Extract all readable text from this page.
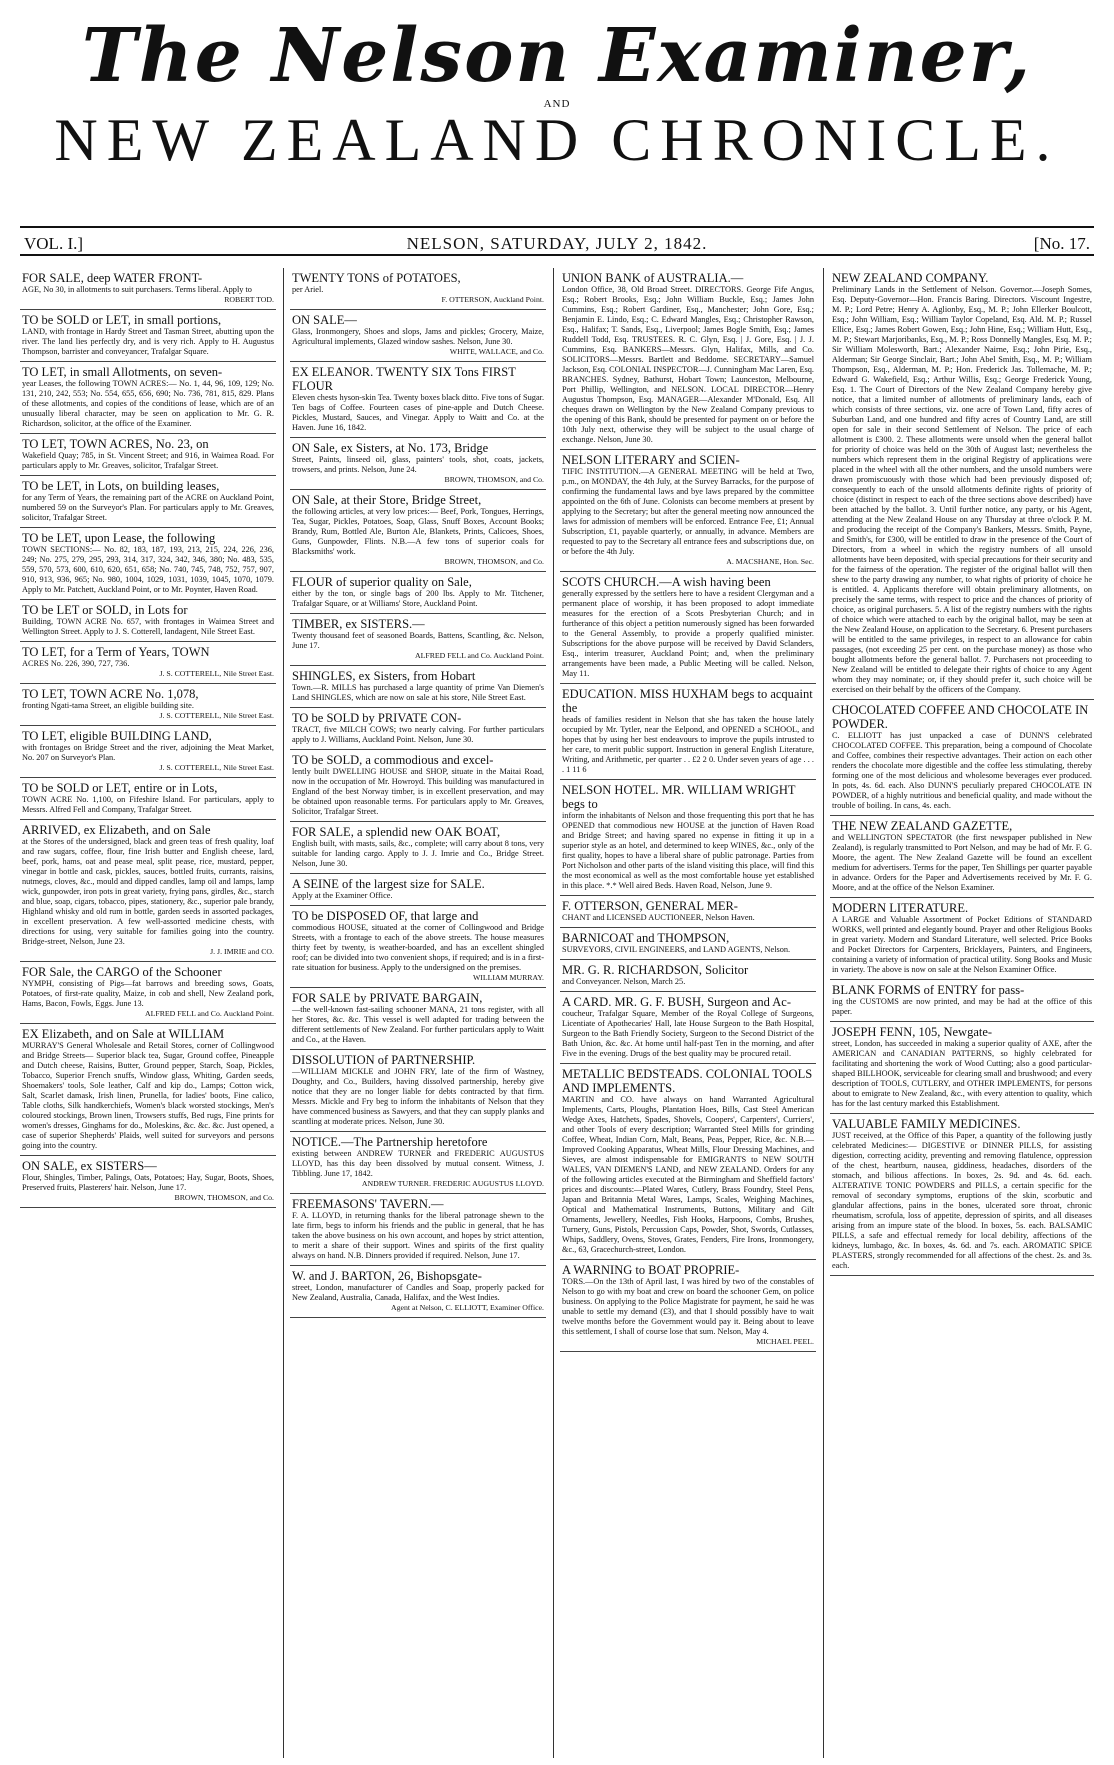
The Nelson Examiner,
AND
NEW ZEALAND CHRONICLE.
VOL. I.]	NELSON, SATURDAY, JULY 2, 1842.	[No. 17.
FOR SALE, deep WATER FRONT-
AGE, No 30, in allotments to suit purchasers. Terms liberal. Apply to
ROBERT TOD.
TO be SOLD or LET, in small portions,
LAND, with frontage in Hardy Street and Tasman Street, abutting upon the river. The land lies perfectly dry, and is very rich. Apply to H. Augustus Thompson, barrister and conveyancer, Trafalgar Square.
TO LET, in small Allotments, on seven-
year Leases, the following TOWN ACRES:— No. 1, 44, 96, 109, 129; No. 131, 210, 242, 553; No. 554, 655, 656, 690; No. 736, 781, 815, 829. Plans of these allotments, and copies of the conditions of lease, which are of an unusually liberal character, may be seen on application to Mr. G. R. Richardson, solicitor, at the office of the Examiner.
TO LET, TOWN ACRES, No. 23, on
Wakefield Quay; 785, in St. Vincent Street; and 916, in Waimea Road. For particulars apply to Mr. Greaves, solicitor, Trafalgar Street.
TO be LET, in Lots, on building leases,
for any Term of Years, the remaining part of the ACRE on Auckland Point, numbered 59 on the Surveyor's Plan. For particulars apply to Mr. Greaves, solicitor, Trafalgar Street.
TO be LET, upon Lease, the following
TOWN SECTIONS:— No. 82, 183, 187, 193, 213, 215, 224, 226, 236, 249; No. 275, 279, 295, 293, 314, 317, 324, 342, 346, 380; No. 483, 535, 559, 570, 573, 600, 610, 620, 651, 658; No. 740, 745, 748, 752, 757, 907, 910, 913, 936, 965; No. 980, 1004, 1029, 1031, 1039, 1045, 1070, 1079. Apply to Mr. Patchett, Auckland Point, or to Mr. Poynter, Haven Road.
TO be LET or SOLD, in Lots for
Building, TOWN ACRE No. 657, with frontages in Waimea Street and Wellington Street. Apply to J. S. Cotterell, landagent, Nile Street East.
TO LET, for a Term of Years, TOWN
ACRES No. 226, 390, 727, 736.
J. S. COTTERELL, Nile Street East.
TO LET, TOWN ACRE No. 1,078,
fronting Ngati-tama Street, an eligible building site.
J. S. COTTERELL, Nile Street East.
TO LET, eligible BUILDING LAND,
with frontages on Bridge Street and the river, adjoining the Meat Market, No. 207 on Surveyor's Plan.
J. S. COTTERELL, Nile Street East.
TO be SOLD or LET, entire or in Lots,
TOWN ACRE No. 1,100, on Fifeshire Island. For particulars, apply to Messrs. Alfred Fell and Company, Trafalgar Street.
ARRIVED, ex Elizabeth, and on Sale
at the Stores of the undersigned, black and green teas of fresh quality, loaf and raw sugars, coffee, flour, fine Irish butter and English cheese, lard, beef, pork, hams, oat and pease meal, split pease, rice, mustard, pepper, vinegar in bottle and cask, pickles, sauces, bottled fruits, currants, raisins, nutmegs, cloves, &c., mould and dipped candles, lamp oil and lamps, lamp wick, gunpowder, iron pots in great variety, frying pans, girdles, &c., starch and blue, soap, cigars, tobacco, pipes, stationery, &c., superior pale brandy, Highland whisky and old rum in bottle, garden seeds in assorted packages, in excellent preservation. A few well-assorted medicine chests, with directions for using, very suitable for families going into the country. Bridge-street, Nelson, June 23.
J. J. IMRIE and CO.
FOR Sale, the CARGO of the Schooner
NYMPH, consisting of Pigs—fat barrows and breeding sows, Goats, Potatoes, of first-rate quality, Maize, in cob and shell, New Zealand pork, Hams, Bacon, Fowls, Eggs. June 13.
ALFRED FELL and Co. Auckland Point.
EX Elizabeth, and on Sale at WILLIAM
MURRAY'S General Wholesale and Retail Stores, corner of Collingwood and Bridge Streets— Superior black tea, Sugar, Ground coffee, Pineapple and Dutch cheese, Raisins, Butter, Ground pepper, Starch, Soap, Pickles, Tobacco, Superior French snuffs, Window glass, Whiting, Garden seeds, Shoemakers' tools, Sole leather, Calf and kip do., Lamps; Cotton wick, Salt, Scarlet damask, Irish linen, Prunella, for ladies' boots, Fine calico, Table cloths, Silk handkerchiefs, Women's black worsted stockings, Men's coloured stockings, Brown linen, Trowsers stuffs, Bed rugs, Fine prints for women's dresses, Ginghams for do., Moleskins, &c. &c. &c. Just opened, a case of superior Shepherds' Plaids, well suited for surveyors and persons going into the country.
ON SALE, ex SISTERS—
Flour, Shingles, Timber, Palings, Oats, Potatoes; Hay, Sugar, Boots, Shoes, Preserved fruits, Plasterers' hair. Nelson, June 17.
BROWN, THOMSON, and Co.
TWENTY TONS of POTATOES,
per Ariel.
F. OTTERSON, Auckland Point.
ON SALE—
Glass, Ironmongery, Shoes and slops, Jams and pickles; Grocery, Maize, Agricultural implements, Glazed window sashes. Nelson, June 30.
WHITE, WALLACE, and Co.
EX ELEANOR. TWENTY SIX Tons FIRST FLOUR
Eleven chests hyson-skin Tea. Twenty boxes black ditto. Five tons of Sugar. Ten bags of Coffee. Fourteen cases of pine-apple and Dutch Cheese. Pickles, Mustard, Sauces, and Vinegar. Apply to Waitt and Co. at the Haven. June 16, 1842.
ON Sale, ex Sisters, at No. 173, Bridge
Street, Paints, linseed oil, glass, painters' tools, shot, coats, jackets, trowsers, and prints. Nelson, June 24.
BROWN, THOMSON, and Co.
ON Sale, at their Store, Bridge Street,
the following articles, at very low prices:— Beef, Pork, Tongues, Herrings, Tea, Sugar, Pickles, Potatoes, Soap, Glass, Snuff Boxes, Account Books; Brandy, Rum, Bottled Ale, Burton Ale, Blankets, Prints, Calicoes, Shoes, Guns, Gunpowder, Flints. N.B.—A few tons of superior coals for Blacksmiths' work.
BROWN, THOMSON, and Co.
FLOUR of superior quality on Sale,
either by the ton, or single bags of 200 lbs. Apply to Mr. Titchener, Trafalgar Square, or at Williams' Store, Auckland Point.
TIMBER, ex SISTERS.—
Twenty thousand feet of seasoned Boards, Battens, Scantling, &c. Nelson, June 17.
ALFRED FELL and Co. Auckland Point.
SHINGLES, ex Sisters, from Hobart
Town.—R. MILLS has purchased a large quantity of prime Van Diemen's Land SHINGLES, which are now on sale at his store, Nile Street East.
TO be SOLD by PRIVATE CON-
TRACT, five MILCH COWS; two nearly calving. For further particulars apply to J. Williams, Auckland Point. Nelson, June 30.
TO be SOLD, a commodious and excel-
lently built DWELLING HOUSE and SHOP, situate in the Maitai Road, now in the occupation of Mr. Howroyd. This building was manufactured in England of the best Norway timber, is in excellent preservation, and may be obtained upon reasonable terms. For particulars apply to Mr. Greaves, Solicitor, Trafalgar Street.
FOR SALE, a splendid new OAK BOAT,
English built, with masts, sails, &c., complete; will carry about 8 tons, very suitable for landing cargo. Apply to J. J. Imrie and Co., Bridge Street. Nelson, June 30.
A SEINE of the largest size for SALE.
Apply at the Examiner Office.
TO be DISPOSED OF, that large and
commodious HOUSE, situated at the corner of Collingwood and Bridge Streets, with a frontage to each of the above streets. The house measures thirty feet by twenty, is weather-boarded, and has an excellent shingled roof; can be divided into two convenient shops, if required; and is in a first-rate situation for business. Apply to the undersigned on the premises.
WILLIAM MURRAY.
FOR SALE by PRIVATE BARGAIN,
—the well-known fast-sailing schooner MANA, 21 tons register, with all her Stores, &c. &c. This vessel is well adapted for trading between the different settlements of New Zealand. For further particulars apply to Waitt and Co., at the Haven.
DISSOLUTION of PARTNERSHIP.
—WILLIAM MICKLE and JOHN FRY, late of the firm of Wastney, Doughty, and Co., Builders, having dissolved partnership, hereby give notice that they are no longer liable for debts contracted by that firm. Messrs. Mickle and Fry beg to inform the inhabitants of Nelson that they have commenced business as Sawyers, and that they can supply planks and scantling at moderate prices. Nelson, June 30.
NOTICE.—The Partnership heretofore
existing between ANDREW TURNER and FREDERIC AUGUSTUS LLOYD, has this day been dissolved by mutual consent. Witness, J. Tibbling. June 17, 1842.
ANDREW TURNER. FREDERIC AUGUSTUS LLOYD.
FREEMASONS' TAVERN.—
F. A. LLOYD, in returning thanks for the liberal patronage shewn to the late firm, begs to inform his friends and the public in general, that he has taken the above business on his own account, and hopes by strict attention, to merit a share of their support. Wines and spirits of the first quality always on hand. N.B. Dinners provided if required. Nelson, June 17.
W. and J. BARTON, 26, Bishopsgate-
street, London, manufacturer of Candles and Soap, properly packed for New Zealand, Australia, Canada, Halifax, and the West Indies.
Agent at Nelson, C. ELLIOTT, Examiner Office.
UNION BANK of AUSTRALIA.—
London Office, 38, Old Broad Street. DIRECTORS. George Fife Angus, Esq.; Robert Brooks, Esq.; John William Buckle, Esq.; James John Cummins, Esq.; Robert Gardiner, Esq., Manchester; John Gore, Esq.; Benjamin E. Lindo, Esq.; C. Edward Mangles, Esq.; Christopher Rawson, Esq., Halifax; T. Sands, Esq., Liverpool; James Bogle Smith, Esq.; James Ruddell Todd, Esq. TRUSTEES. R. C. Glyn, Esq. | J. Gore, Esq. | J. J. Cummins, Esq. BANKERS—Messrs. Glyn, Halifax, Mills, and Co. SOLICITORS—Messrs. Bartlett and Beddome. SECRETARY—Samuel Jackson, Esq. COLONIAL INSPECTOR—J. Cunningham Mac Laren, Esq. BRANCHES. Sydney, Bathurst, Hobart Town; Launceston, Melbourne, Port Phillip, Wellington, and NELSON. LOCAL DIRECTOR—Henry Augustus Thompson, Esq. MANAGER—Alexander M'Donald, Esq. All cheques drawn on Wellington by the New Zealand Company previous to the opening of this Bank, should be presented for payment on or before the 10th July next, otherwise they will be subject to the usual charge of exchange. Nelson, June 30.
NELSON LITERARY and SCIEN-
TIFIC INSTITUTION.—A GENERAL MEETING will be held at Two, p.m., on MONDAY, the 4th July, at the Survey Barracks, for the purpose of confirming the fundamental laws and bye laws prepared by the committee appointed on the 6th of June. Colonists can become members at present by applying to the Secretary; but after the general meeting now announced the laws for admission of members will be enforced. Entrance Fee, £1; Annual Subscription, £1, payable quarterly, or annually, in advance. Members are requested to pay to the Secretary all entrance fees and subscriptions due, on or before the 4th July.
A. MACSHANE, Hon. Sec.
SCOTS CHURCH.—A wish having been
generally expressed by the settlers here to have a resident Clergyman and a permanent place of worship, it has been proposed to adopt immediate measures for the erection of a Scots Presbyterian Church; and in furtherance of this object a petition numerously signed has been forwarded to the General Assembly, to provide a properly qualified minister. Subscriptions for the above purpose will be received by David Sclanders, Esq., interim treasurer, Auckland Point; and, when the preliminary arrangements have been made, a Public Meeting will be called. Nelson, May 11.
EDUCATION. MISS HUXHAM begs to acquaint the
heads of families resident in Nelson that she has taken the house lately occupied by Mr. Tytler, near the Eelpond, and OPENED a SCHOOL, and hopes that by using her best endeavours to improve the pupils intrusted to her care, to merit public support. Instruction in general English Literature, Writing, and Arithmetic, per quarter . . £2 2 0. Under seven years of age . . . . 1 11 6
NELSON HOTEL. MR. WILLIAM WRIGHT begs to
inform the inhabitants of Nelson and those frequenting this port that he has OPENED that commodious new HOUSE at the junction of Haven Road and Bridge Street; and having spared no expense in fitting it up in a superior style as an hotel, and determined to keep WINES, &c., only of the first quality, hopes to have a liberal share of public patronage. Parties from Port Nicholson and other parts of the island visiting this place, will find this the most economical as well as the most comfortable house yet established in this place. *.* Well aired Beds. Haven Road, Nelson, June 9.
F. OTTERSON, GENERAL MER-
CHANT and LICENSED AUCTIONEER, Nelson Haven.
BARNICOAT and THOMPSON,
SURVEYORS, CIVIL ENGINEERS, and LAND AGENTS, Nelson.
MR. G. R. RICHARDSON, Solicitor
and Conveyancer. Nelson, March 25.
A CARD. MR. G. F. BUSH, Surgeon and Ac-
coucheur, Trafalgar Square, Member of the Royal College of Surgeons, Licentiate of Apothecaries' Hall, late House Surgeon to the Bath Hospital, Surgeon to the Bath Friendly Society, Surgeon to the Second District of the Bath Union, &c. &c. At home until half-past Ten in the morning, and after Five in the evening. Drugs of the best quality may be procured retail.
METALLIC BEDSTEADS. COLONIAL TOOLS AND IMPLEMENTS.
MARTIN and CO. have always on hand Warranted Agricultural Implements, Carts, Ploughs, Plantation Hoes, Bills, Cast Steel American Wedge Axes, Hatchets, Spades, Shovels, Coopers', Carpenters', Curriers', and other Tools of every description; Warranted Steel Mills for grinding Coffee, Wheat, Indian Corn, Malt, Beans, Peas, Pepper, Rice, &c. N.B.—Improved Cooking Apparatus, Wheat Mills, Flour Dressing Machines, and Sieves, are almost indispensable for EMIGRANTS to NEW SOUTH WALES, VAN DIEMEN'S LAND, and NEW ZEALAND. Orders for any of the following articles executed at the Birmingham and Sheffield factors' prices and discounts:—Plated Wares, Cutlery, Brass Foundry, Steel Pens, Japan and Britannia Metal Wares, Lamps, Scales, Weighing Machines, Optical and Mathematical Instruments, Buttons, Military and Gilt Ornaments, Jewellery, Needles, Fish Hooks, Harpoons, Combs, Brushes, Turnery, Guns, Pistols, Percussion Caps, Powder, Shot, Swords, Cutlasses, Whips, Saddlery, Ovens, Stoves, Grates, Fenders, Fire Irons, Ironmongery, &c., 63, Gracechurch-street, London.
A WARNING to BOAT PROPRIE-
TORS.—On the 13th of April last, I was hired by two of the constables of Nelson to go with my boat and crew on board the schooner Gem, on police business. On applying to the Police Magistrate for payment, he said he was unable to settle my demand (£3), and that I should possibly have to wait twelve months before the Government would pay it. Being about to leave this settlement, I shall of course lose that sum. Nelson, May 4.
MICHAEL PEEL.
NEW ZEALAND COMPANY.
Preliminary Lands in the Settlement of Nelson. Governor.—Joseph Somes, Esq. Deputy-Governor—Hon. Francis Baring. Directors. Viscount Ingestre, M. P.; Lord Petre; Henry A. Aglionby, Esq., M. P.; John Ellerker Boulcott, Esq.; John William, Esq.; William Taylor Copeland, Esq. Ald. M. P.; Russel Ellice, Esq.; James Robert Gowen, Esq.; John Hine, Esq.; William Hutt, Esq., M. P.; Stewart Marjoribanks, Esq., M. P.; Ross Donnelly Mangles, Esq. M. P.; Sir William Molesworth, Bart.; Alexander Nairne, Esq.; John Pirie, Esq., Alderman; Sir George Sinclair, Bart.; John Abel Smith, Esq., M. P.; William Thompson, Esq., Alderman, M. P.; Hon. Frederick Jas. Tollemache, M. P.; Edward G. Wakefield, Esq.; Arthur Willis, Esq.; George Frederick Young, Esq. 1. The Court of Directors of the New Zealand Company hereby give notice, that a limited number of allotments of preliminary lands, each of which consists of three sections, viz. one acre of Town Land, fifty acres of Suburban Land, and one hundred and fifty acres of Country Land, are still open for sale in their second Settlement of Nelson. The price of each allotment is £300. 2. These allotments were unsold when the general ballot for priority of choice was held on the 30th of August last; nevertheless the numbers which represent them in the original Registry of applications were placed in the wheel with all the other numbers, and the unsold numbers were drawn promiscuously with those which had been previously disposed of; consequently to each of the unsold allotments definite rights of priority of choice (distinct in respect to each of the three sections above described) have been attached by the ballot. 3. Until further notice, any party, or his Agent, attending at the New Zealand House on any Thursday at three o'clock P. M. and producing the receipt of the Company's Bankers, Messrs. Smith, Payne, and Smith's, for £300, will be entitled to draw in the presence of the Court of Directors, from a wheel in which the registry numbers of all unsold allotments have been deposited, with special precautions for their security and for the fairness of the operation. The register of the original ballot will then shew to the party drawing any number, to what rights of priority of choice he is entitled. 4. Applicants therefore will obtain preliminary allotments, on precisely the same terms, with respect to price and the chances of priority of choice, as original purchasers. 5. A list of the registry numbers with the rights of choice which were attached to each by the original ballot, may be seen at the New Zealand House, on application to the Secretary. 6. Present purchasers will be entitled to the same privileges, in respect to an allowance for cabin passages, (not exceeding 25 per cent. on the purchase money) as those who bought allotments before the general ballot. 7. Purchasers not proceeding to New Zealand will be entitled to delegate their rights of choice to any Agent whom they may nominate; or, if they should prefer it, such choice will be exercised on their behalf by the officers of the Company.
CHOCOLATED COFFEE AND CHOCOLATE IN POWDER.
C. ELLIOTT has just unpacked a case of DUNN'S celebrated CHOCOLATED COFFEE. This preparation, being a compound of Chocolate and Coffee, combines their respective advantages. Their action on each other renders the chocolate more digestible and the coffee less stimulating, thereby forming one of the most delicious and wholesome beverages ever produced. In pots, 4s. 6d. each. Also DUNN'S peculiarly prepared CHOCOLATE IN POWDER, of a highly nutritious and beneficial quality, and made without the trouble of boiling. In cans, 4s. each.
THE NEW ZEALAND GAZETTE,
and WELLINGTON SPECTATOR (the first newspaper published in New Zealand), is regularly transmitted to Port Nelson, and may be had of Mr. F. G. Moore, the agent. The New Zealand Gazette will be found an excellent medium for advertisers. Terms for the paper, Ten Shillings per quarter payable in advance. Orders for the Paper and Advertisements received by Mr. F. G. Moore, and at the office of the Nelson Examiner.
MODERN LITERATURE.
A LARGE and Valuable Assortment of Pocket Editions of STANDARD WORKS, well printed and elegantly bound. Prayer and other Religious Books in great variety. Modern and Standard Literature, well selected. Price Books and Pocket Directors for Carpenters, Bricklayers, Painters, and Engineers, containing a variety of information of practical utility. Song Books and Music in variety. The above is now on sale at the Nelson Examiner Office.
BLANK FORMS of ENTRY for pass-
ing the CUSTOMS are now printed, and may be had at the office of this paper.
JOSEPH FENN, 105, Newgate-
street, London, has succeeded in making a superior quality of AXE, after the AMERICAN and CANADIAN PATTERNS, so highly celebrated for facilitating and shortening the work of Wood Cutting; also a good particular-shaped BILLHOOK, serviceable for clearing small and brushwood; and every description of TOOLS, CUTLERY, and OTHER IMPLEMENTS, for persons about to emigrate to New Zealand, &c., with every attention to quality, which has for the last century marked this Establishment.
VALUABLE FAMILY MEDICINES.
JUST received, at the Office of this Paper, a quantity of the following justly celebrated Medicines:— DIGESTIVE or DINNER PILLS, for assisting digestion, correcting acidity, preventing and removing flatulence, oppression of the chest, heartburn, nausea, giddiness, headaches, disorders of the stomach, and bilious affections. In boxes, 2s. 9d. and 4s. 6d. each. ALTERATIVE TONIC POWDERS and PILLS, a certain specific for the removal of secondary symptoms, eruptions of the skin, scorbutic and glandular affections, pains in the bones, ulcerated sore throat, chronic rheumatism, scrofula, loss of appetite, depression of spirits, and all diseases arising from an impure state of the blood. In boxes, 5s. each. BALSAMIC PILLS, a safe and effectual remedy for local debility, affections of the kidneys, lumbago, &c. In boxes, 4s. 6d. and 7s. each. AROMATIC SPICE PLASTERS, strongly recommended for all affections of the chest. 2s. and 3s. each.
